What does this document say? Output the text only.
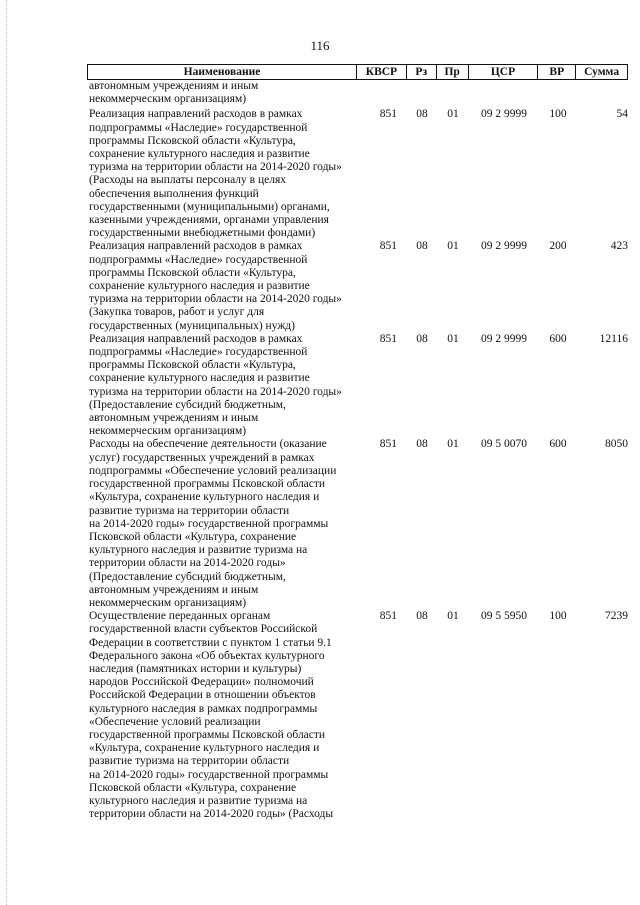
116
Наименование	КВСР	Рз	Пр	ЦСР	ВР	Сумма
автономным учреждениям и иным
некоммерческим организациям)
Реализация направлений расходов в рамках
подпрограммы «Наследие» государственной
программы Псковской области «Культура,
сохранение культурного наследия и развитие
туризма на территории области на 2014-2020 годы»
(Расходы на выплаты персоналу в целях
обеспечения выполнения функций
государственными (муниципальными) органами,
казенными учреждениями, органами управления
государственными внебюджетными фондами)
851	08	01	09 2 9999	100	54
Реализация направлений расходов в рамках
подпрограммы «Наследие» государственной
программы Псковской области «Культура,
сохранение культурного наследия и развитие
туризма на территории области на 2014-2020 годы»
(Закупка товаров, работ и услуг для
государственных (муниципальных) нужд)
851	08	01	09 2 9999	200	423
Реализация направлений расходов в рамках
подпрограммы «Наследие» государственной
программы Псковской области «Культура,
сохранение культурного наследия и развитие
туризма на территории области на 2014-2020 годы»
(Предоставление субсидий бюджетным,
автономным учреждениям и иным
некоммерческим организациям)
851	08	01	09 2 9999	600	12116
Расходы на обеспечение деятельности (оказание
услуг) государственных учреждений в рамках
подпрограммы «Обеспечение условий реализации
государственной программы Псковской области
«Культура, сохранение культурного наследия и
развитие туризма на территории области
на 2014-2020 годы» государственной программы
Псковской области «Культура, сохранение
культурного наследия и развитие туризма на
территории области на 2014-2020 годы»
(Предоставление субсидий бюджетным,
автономным учреждениям и иным
некоммерческим организациям)
851	08	01	09 5 0070	600	8050
Осуществление переданных органам
государственной власти субъектов Российской
Федерации в соответствии с пунктом 1 статьи 9.1
Федерального закона «Об объектах культурного
наследия (памятниках истории и культуры)
народов Российской Федерации» полномочий
Российской Федерации в отношении объектов
культурного наследия в рамках подпрограммы
«Обеспечение условий реализации
государственной программы Псковской области
«Культура, сохранение культурного наследия и
развитие туризма на территории области
на 2014-2020 годы» государственной программы
Псковской области «Культура, сохранение
культурного наследия и развитие туризма на
территории области на 2014-2020 годы» (Расходы
851	08	01	09 5 5950	100	7239
